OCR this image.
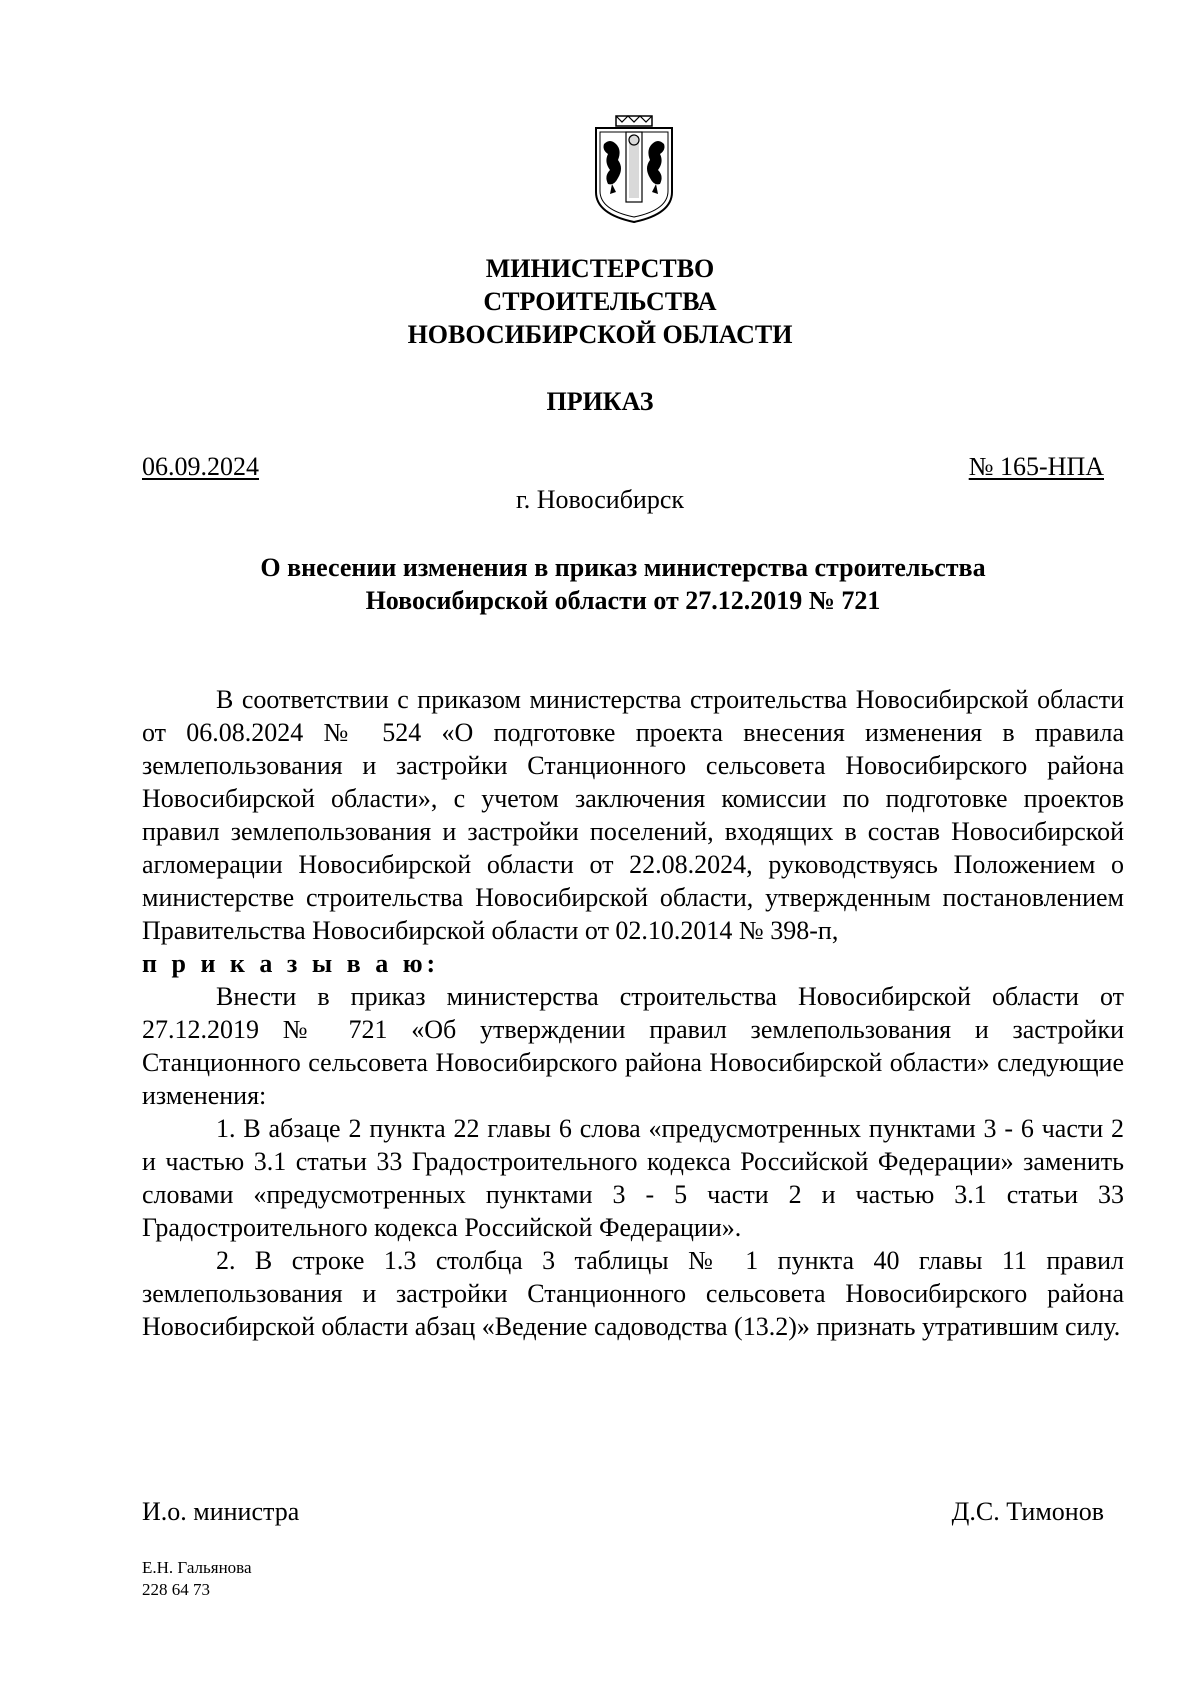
МИНИСТЕРСТВО
СТРОИТЕЛЬСТВА
НОВОСИБИРСКОЙ ОБЛАСТИ
ПРИКАЗ
06.09.2024	№ 165-НПА
г. Новосибирск
О внесении изменения в приказ министерства строительства
Новосибирской области от 27.12.2019 № 721

В соответствии с приказом министерства строительства Новосибирской области от 06.08.2024 № 524 «О подготовке проекта внесения изменения в правила землепользования и застройки Станционного сельсовета Новосибирского района Новосибирской области», с учетом заключения комиссии по подготовке проектов правил землепользования и застройки поселений, входящих в состав Новосибирской агломерации Новосибирской области от 22.08.2024, руководствуясь Положением о министерстве строительства Новосибирской области, утвержденным постановлением Правительства Новосибирской области от 02.10.2014 № 398-п,

п р и к а з ы в а ю:

Внести в приказ министерства строительства Новосибирской области от 27.12.2019 № 721 «Об утверждении правил землепользования и застройки Станционного сельсовета Новосибирского района Новосибирской области» следующие изменения:

1. В абзаце 2 пункта 22 главы 6 слова «предусмотренных пунктами 3 - 6 части 2 и частью 3.1 статьи 33 Градостроительного кодекса Российской Федерации» заменить словами «предусмотренных пунктами 3 - 5 части 2 и частью 3.1 статьи 33 Градостроительного кодекса Российской Федерации».

2. В строке 1.3 столбца 3 таблицы № 1 пункта 40 главы 11 правил землепользования и застройки Станционного сельсовета Новосибирского района Новосибирской области абзац «Ведение садоводства (13.2)» признать утратившим силу.

И.о. министра	Д.С. Тимонов
Е.Н. Гальянова
228 64 73
